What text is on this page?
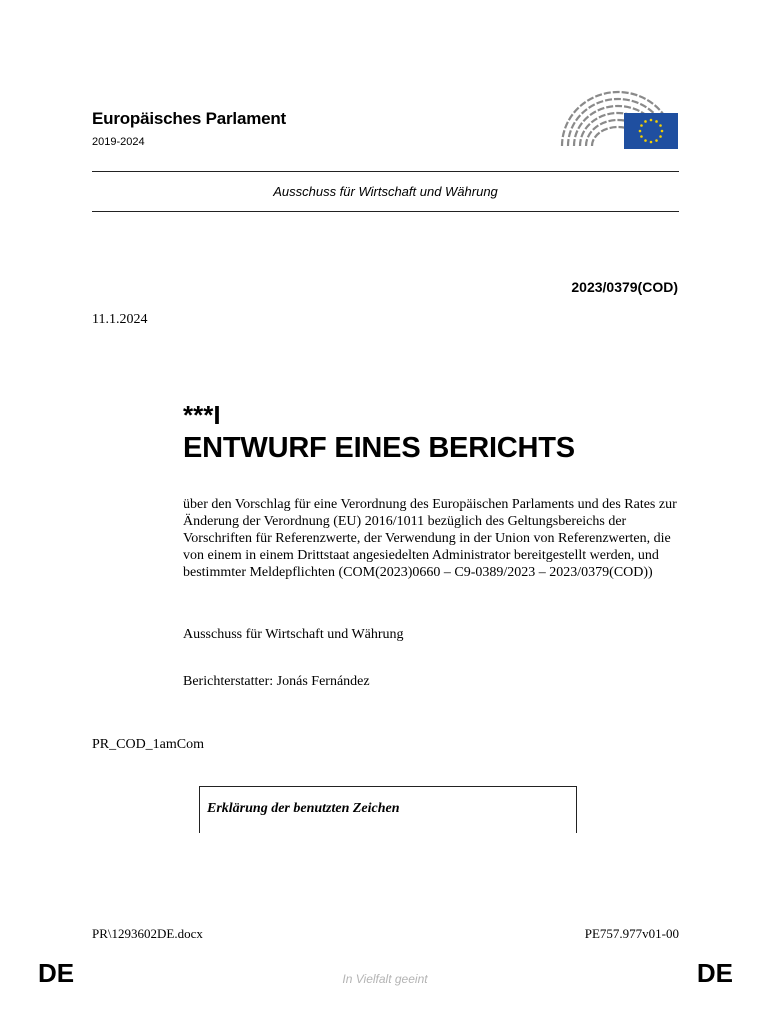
Europäisches Parlament
2019-2024
Ausschuss für Wirtschaft und Währung
2023/0379(COD)
11.1.2024
***I
ENTWURF EINES BERICHTS
über den Vorschlag für eine Verordnung des Europäischen Parlaments und des Rates zur Änderung der Verordnung (EU) 2016/1011 bezüglich des Geltungsbereichs der Vorschriften für Referenzwerte, der Verwendung in der Union von Referenzwerten, die von einem in einem Drittstaat angesiedelten Administrator bereitgestellt werden, und bestimmter Meldepflichten (COM(2023)0660 – C9-0389/2023 – 2023/0379(COD))
Ausschuss für Wirtschaft und Währung
Berichterstatter: Jonás Fernández
PR_COD_1amCom
Erklärung der benutzten Zeichen
PR\1293602DE.docx	PE757.977v01-00
DE	In Vielfalt geeint	DE
